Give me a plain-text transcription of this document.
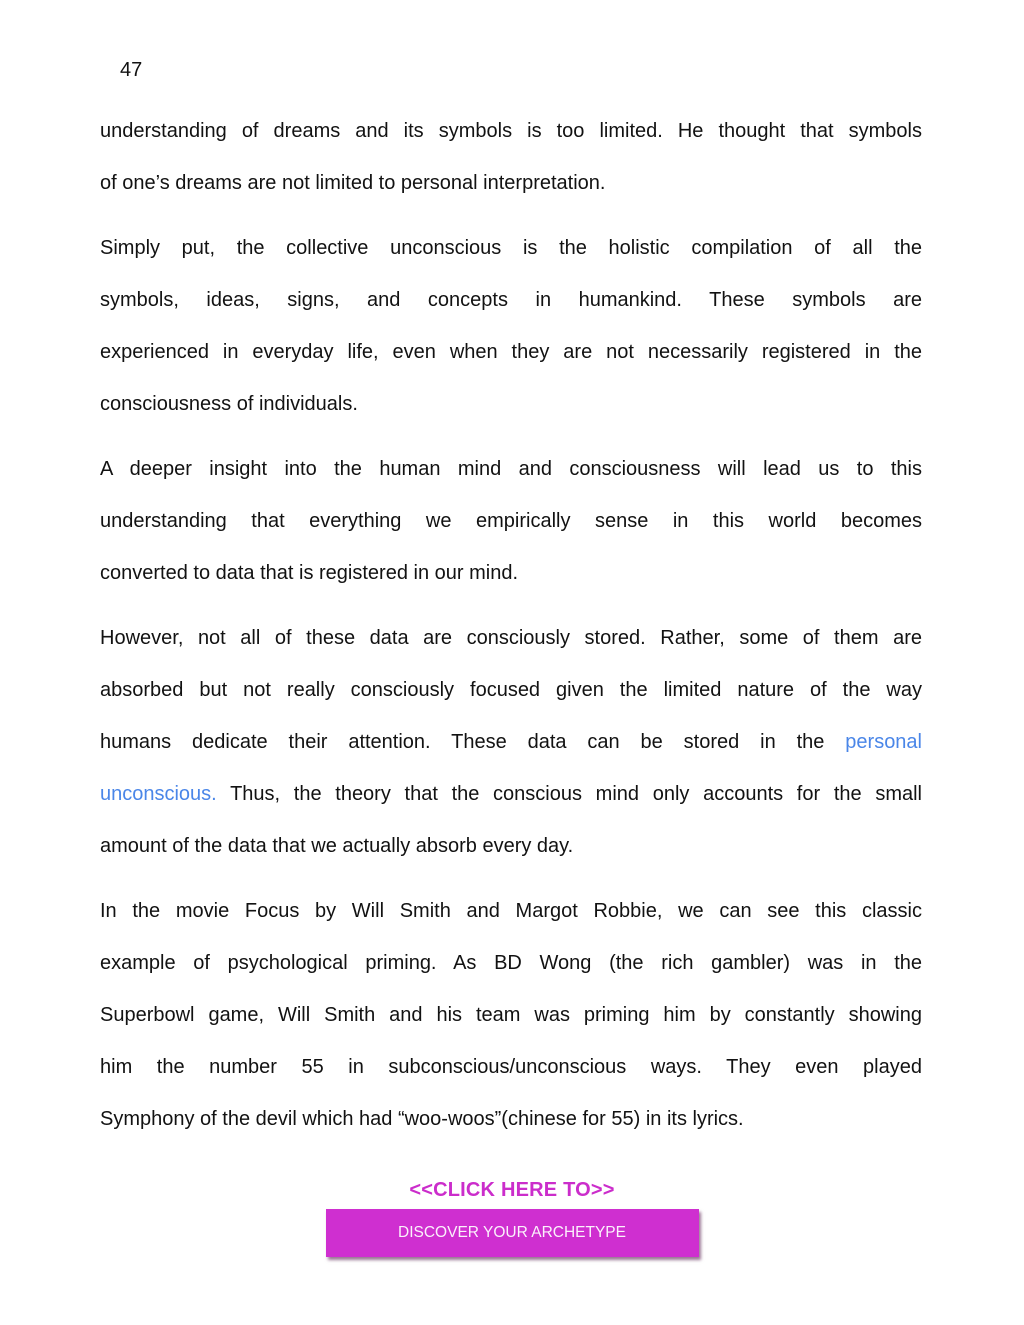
47
understanding of dreams and its symbols is too limited. He thought that symbols
of one’s dreams are not limited to personal interpretation.
Simply put, the collective unconscious is the holistic compilation of all the
symbols, ideas, signs, and concepts in humankind. These symbols are
experienced in everyday life, even when they are not necessarily registered in the
consciousness of individuals.
A deeper insight into the human mind and consciousness will lead us to this
understanding that everything we empirically sense in this world becomes
converted to data that is registered in our mind.
However, not all of these data are consciously stored. Rather, some of them are
absorbed but not really consciously focused given the limited nature of the way
humans dedicate their attention. These data can be stored in the personal
unconscious. Thus, the theory that the conscious mind only accounts for the small
amount of the data that we actually absorb every day.
In the movie Focus by Will Smith and Margot Robbie, we can see this classic
example of psychological priming. As BD Wong (the rich gambler) was in the
Superbowl game, Will Smith and his team was priming him by constantly showing
him the number 55 in subconscious/unconscious ways. They even played
Symphony of the devil which had “woo-woos”(chinese for 55) in its lyrics.
<<CLICK HERE TO>>
DISCOVER YOUR ARCHETYPE
